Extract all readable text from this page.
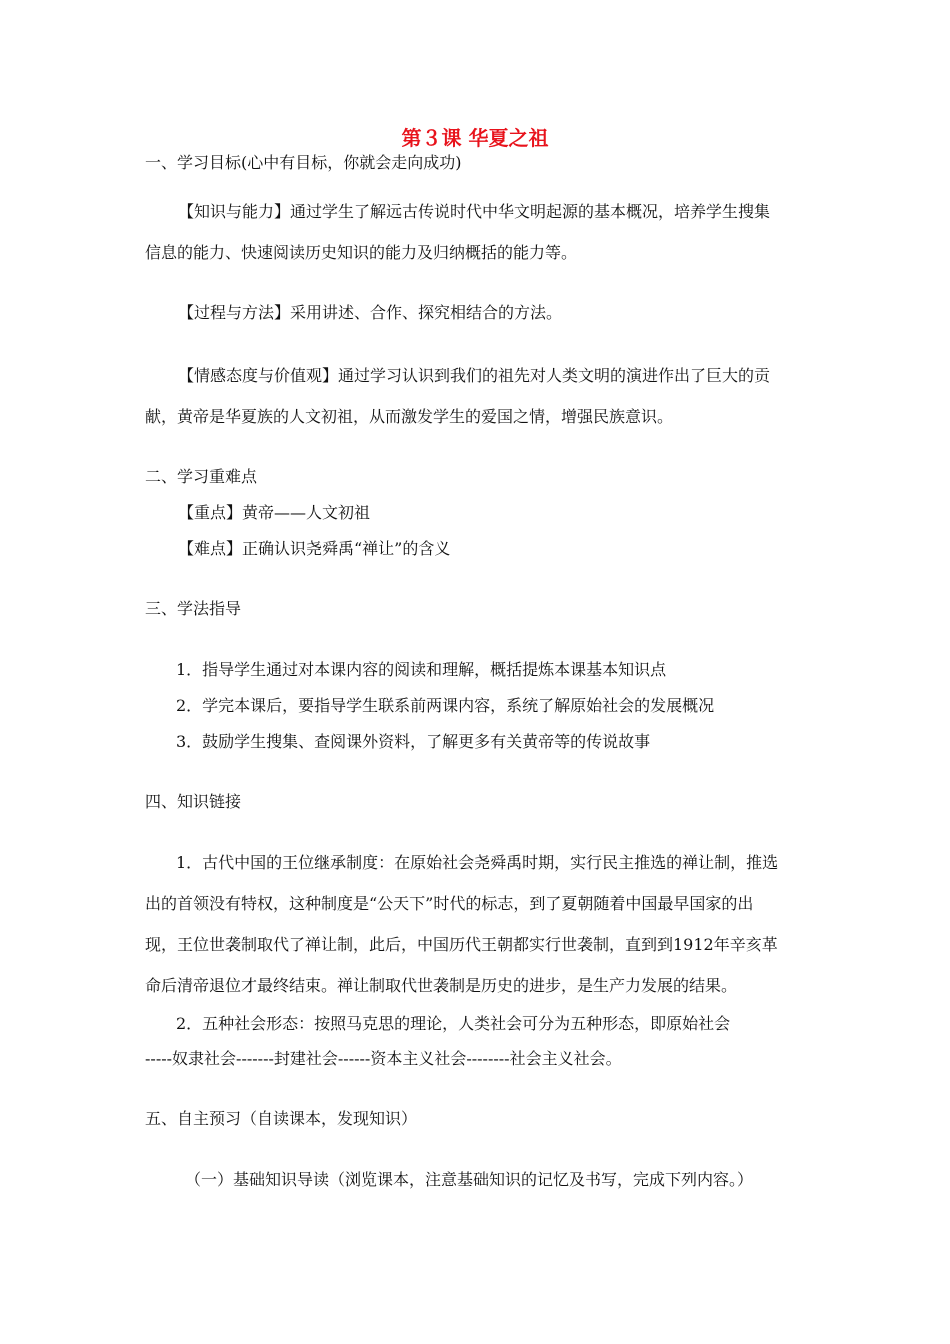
第３课 华夏之祖
一、学习目标(心中有目标，你就会走向成功)
【知识与能力】通过学生了解远古传说时代中华文明起源的基本概况，培养学生搜集
信息的能力、快速阅读历史知识的能力及归纳概括的能力等。
【过程与方法】采用讲述、合作、探究相结合的方法。
【情感态度与价值观】通过学习认识到我们的祖先对人类文明的演进作出了巨大的贡
献，黄帝是华夏族的人文初祖，从而激发学生的爱国之情，增强民族意识。
二、学习重难点
【重点】黄帝——人文初祖
【难点】正确认识尧舜禹“禅让”的含义
三、学法指导
1．指导学生通过对本课内容的阅读和理解，概括提炼本课基本知识点
2．学完本课后，要指导学生联系前两课内容，系统了解原始社会的发展概况
3．鼓励学生搜集、查阅课外资料，了解更多有关黄帝等的传说故事
四、知识链接
1．古代中国的王位继承制度：在原始社会尧舜禹时期，实行民主推选的禅让制，推选
出的首领没有特权，这种制度是“公天下”时代的标志，到了夏朝随着中国最早国家的出
现，王位世袭制取代了禅让制，此后，中国历代王朝都实行世袭制，直到到1912年辛亥革
命后清帝退位才最终结束。禅让制取代世袭制是历史的进步，是生产力发展的结果。
2．五种社会形态：按照马克思的理论，人类社会可分为五种形态，即原始社会
-----奴隶社会-------封建社会------资本主义社会--------社会主义社会。
五、自主预习（自读课本，发现知识）
（一）基础知识导读（浏览课本，注意基础知识的记忆及书写，完成下列内容。）
